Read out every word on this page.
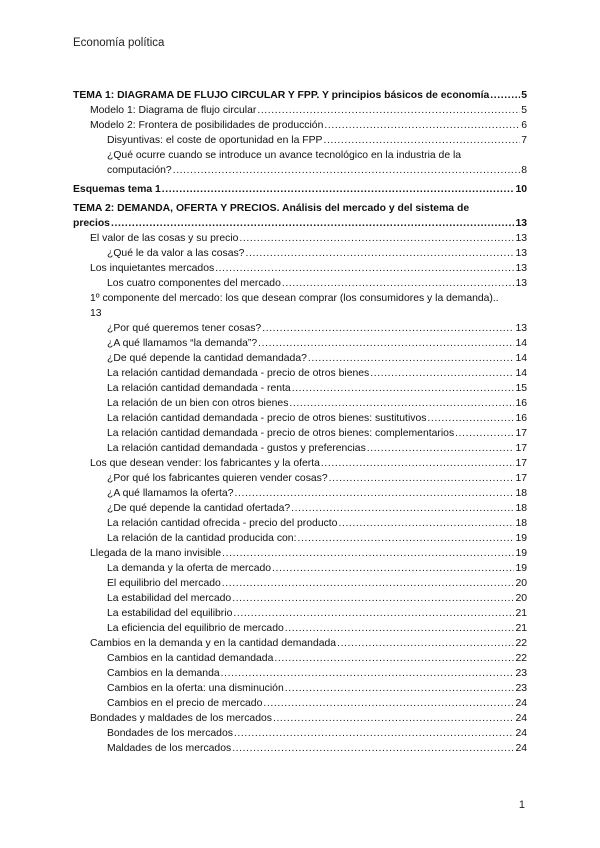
Economía política
TEMA 1: DIAGRAMA DE FLUJO CIRCULAR Y FPP. Y principios básicos de economía .....	5
Modelo 1: Diagrama de flujo circular .....	5
Modelo 2: Frontera de posibilidades de producción .....	6
Disyuntivas: el coste de oportunidad en la FPP .....	7
¿Qué ocurre cuando se introduce un avance tecnológico en la industria de la
computación? .....	8
Esquemas tema 1 .....	10
TEMA 2: DEMANDA, OFERTA Y PRECIOS. Análisis del mercado y del sistema de
precios .....	13
El valor de las cosas y su precio .....	13
¿Qué le da valor a las cosas? .....	13
Los inquietantes mercados .....	13
Los cuatro componentes del mercado .....	13
1º componente del mercado: los que desean comprar (los consumidores y la demanda)..
13
¿Por qué queremos tener cosas? .....	13
¿A qué llamamos “la demanda”? .....	14
¿De qué depende la cantidad demandada? .....	14
La relación cantidad demandada - precio de otros bienes .....	14
La relación cantidad demandada - renta .....	15
La relación de un bien con otros bienes .....	16
La relación cantidad demandada - precio de otros bienes: sustitutivos .....	16
La relación cantidad demandada - precio de otros bienes: complementarios .....	17
La relación cantidad demandada - gustos y preferencias .....	17
Los que desean vender: los fabricantes y la oferta .....	17
¿Por qué los fabricantes quieren vender cosas? .....	17
¿A qué llamamos la oferta? .....	18
¿De qué depende la cantidad ofertada? .....	18
La relación cantidad ofrecida - precio del producto .....	18
La relación de la cantidad producida con: .....	19
Llegada de la mano invisible .....	19
La demanda y la oferta de mercado .....	19
El equilibrio del mercado .....	20
La estabilidad del mercado .....	20
La estabilidad del equilibrio .....	21
La eficiencia del equilibrio de mercado .....	21
Cambios en la demanda y en la cantidad demandada .....	22
Cambios en la cantidad demandada .....	22
Cambios en la demanda .....	23
Cambios en la oferta: una disminución .....	23
Cambios en el precio de mercado .....	24
Bondades y maldades de los mercados .....	24
Bondades de los mercados .....	24
Maldades de los mercados .....	24
1
